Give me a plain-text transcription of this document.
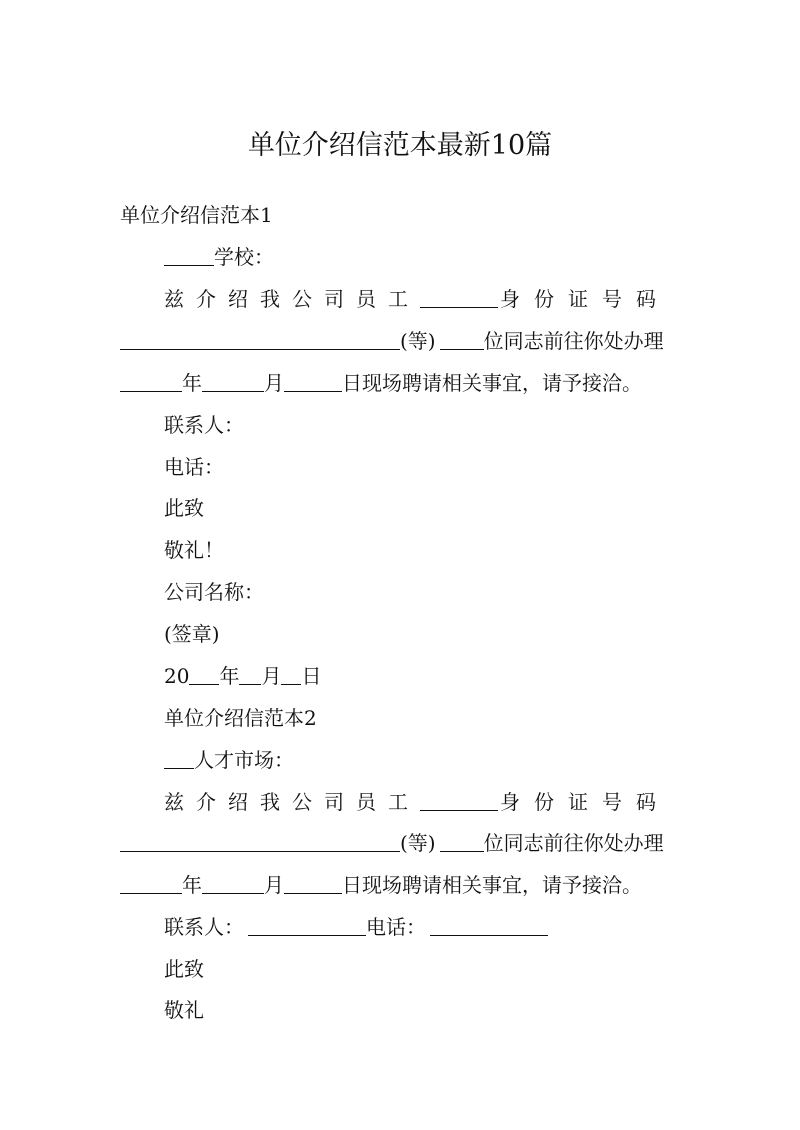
单位介绍信范本最新10篇
单位介绍信范本1
学校：
兹介绍我公司员工	身份证号码
(等) 位同志前往你处办理
年	月	日现场聘请相关事宜，请予接洽。
联系人：
电话：
此致
敬礼！
公司名称：
(签章)
20 年 月 日
单位介绍信范本2
人才市场：
兹介绍我公司员工	身份证号码
(等) 位同志前往你处办理
年	月	日现场聘请相关事宜，请予接洽。
联系人：	电话：
此致
敬礼
